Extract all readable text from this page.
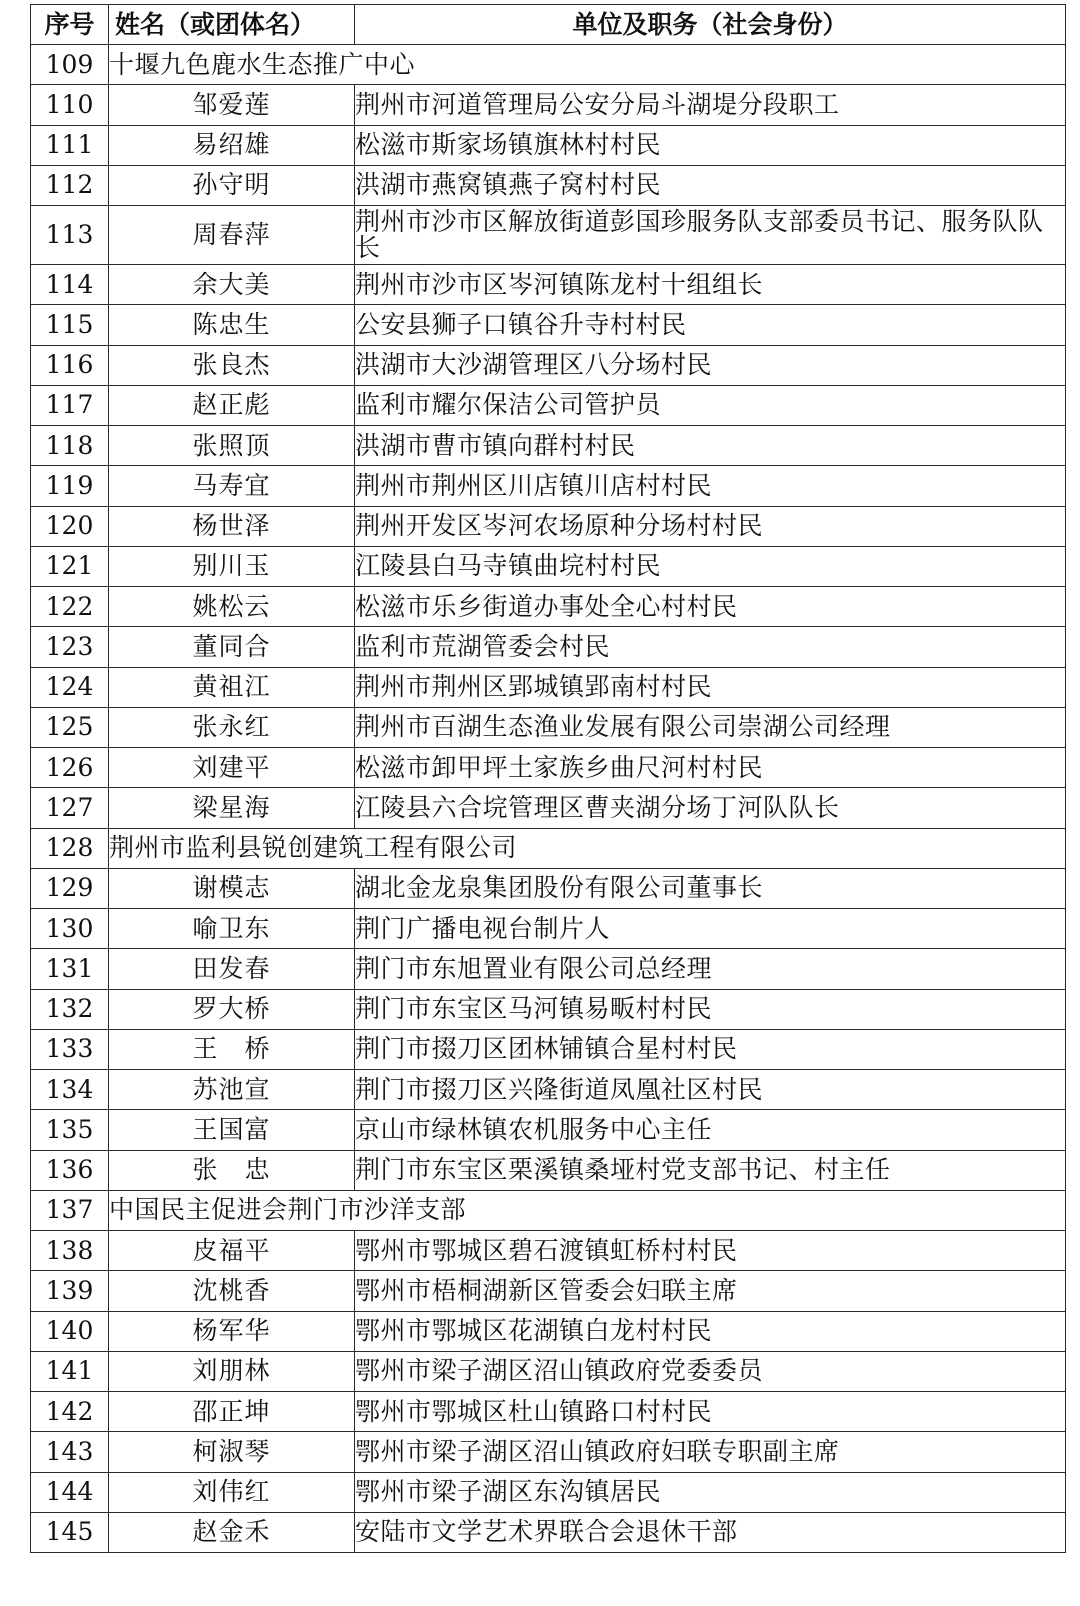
序号	姓名（或团体名）	单位及职务（社会身份）
109	十堰九色鹿水生态推广中心	
110	邹爱莲	荆州市河道管理局公安分局斗湖堤分段职工
111	易绍雄	松滋市斯家场镇旗林村村民
112	孙守明	洪湖市燕窝镇燕子窝村村民
113	周春萍	荆州市沙市区解放街道彭国珍服务队支部委员书记、服务队队长
114	余大美	荆州市沙市区岑河镇陈龙村十组组长
115	陈忠生	公安县狮子口镇谷升寺村村民
116	张良杰	洪湖市大沙湖管理区八分场村民
117	赵正彪	监利市耀尔保洁公司管护员
118	张照顶	洪湖市曹市镇向群村村民
119	马寿宜	荆州市荆州区川店镇川店村村民
120	杨世泽	荆州开发区岑河农场原种分场村村民
121	别川玉	江陵县白马寺镇曲垸村村民
122	姚松云	松滋市乐乡街道办事处全心村村民
123	董同合	监利市荒湖管委会村民
124	黄祖江	荆州市荆州区郢城镇郢南村村民
125	张永红	荆州市百湖生态渔业发展有限公司崇湖公司经理
126	刘建平	松滋市卸甲坪土家族乡曲尺河村村民
127	梁星海	江陵县六合垸管理区曹夹湖分场丁河队队长
128	荆州市监利县锐创建筑工程有限公司	
129	谢模志	湖北金龙泉集团股份有限公司董事长
130	喻卫东	荆门广播电视台制片人
131	田发春	荆门市东旭置业有限公司总经理
132	罗大桥	荆门市东宝区马河镇易畈村村民
133	王　桥	荆门市掇刀区团林铺镇合星村村民
134	苏池宣	荆门市掇刀区兴隆街道凤凰社区村民
135	王国富	京山市绿林镇农机服务中心主任
136	张　忠	荆门市东宝区栗溪镇桑垭村党支部书记、村主任
137	中国民主促进会荆门市沙洋支部	
138	皮福平	鄂州市鄂城区碧石渡镇虹桥村村民
139	沈桃香	鄂州市梧桐湖新区管委会妇联主席
140	杨军华	鄂州市鄂城区花湖镇白龙村村民
141	刘朋林	鄂州市梁子湖区沼山镇政府党委委员
142	邵正坤	鄂州市鄂城区杜山镇路口村村民
143	柯淑琴	鄂州市梁子湖区沼山镇政府妇联专职副主席
144	刘伟红	鄂州市梁子湖区东沟镇居民
145	赵金禾	安陆市文学艺术界联合会退休干部
